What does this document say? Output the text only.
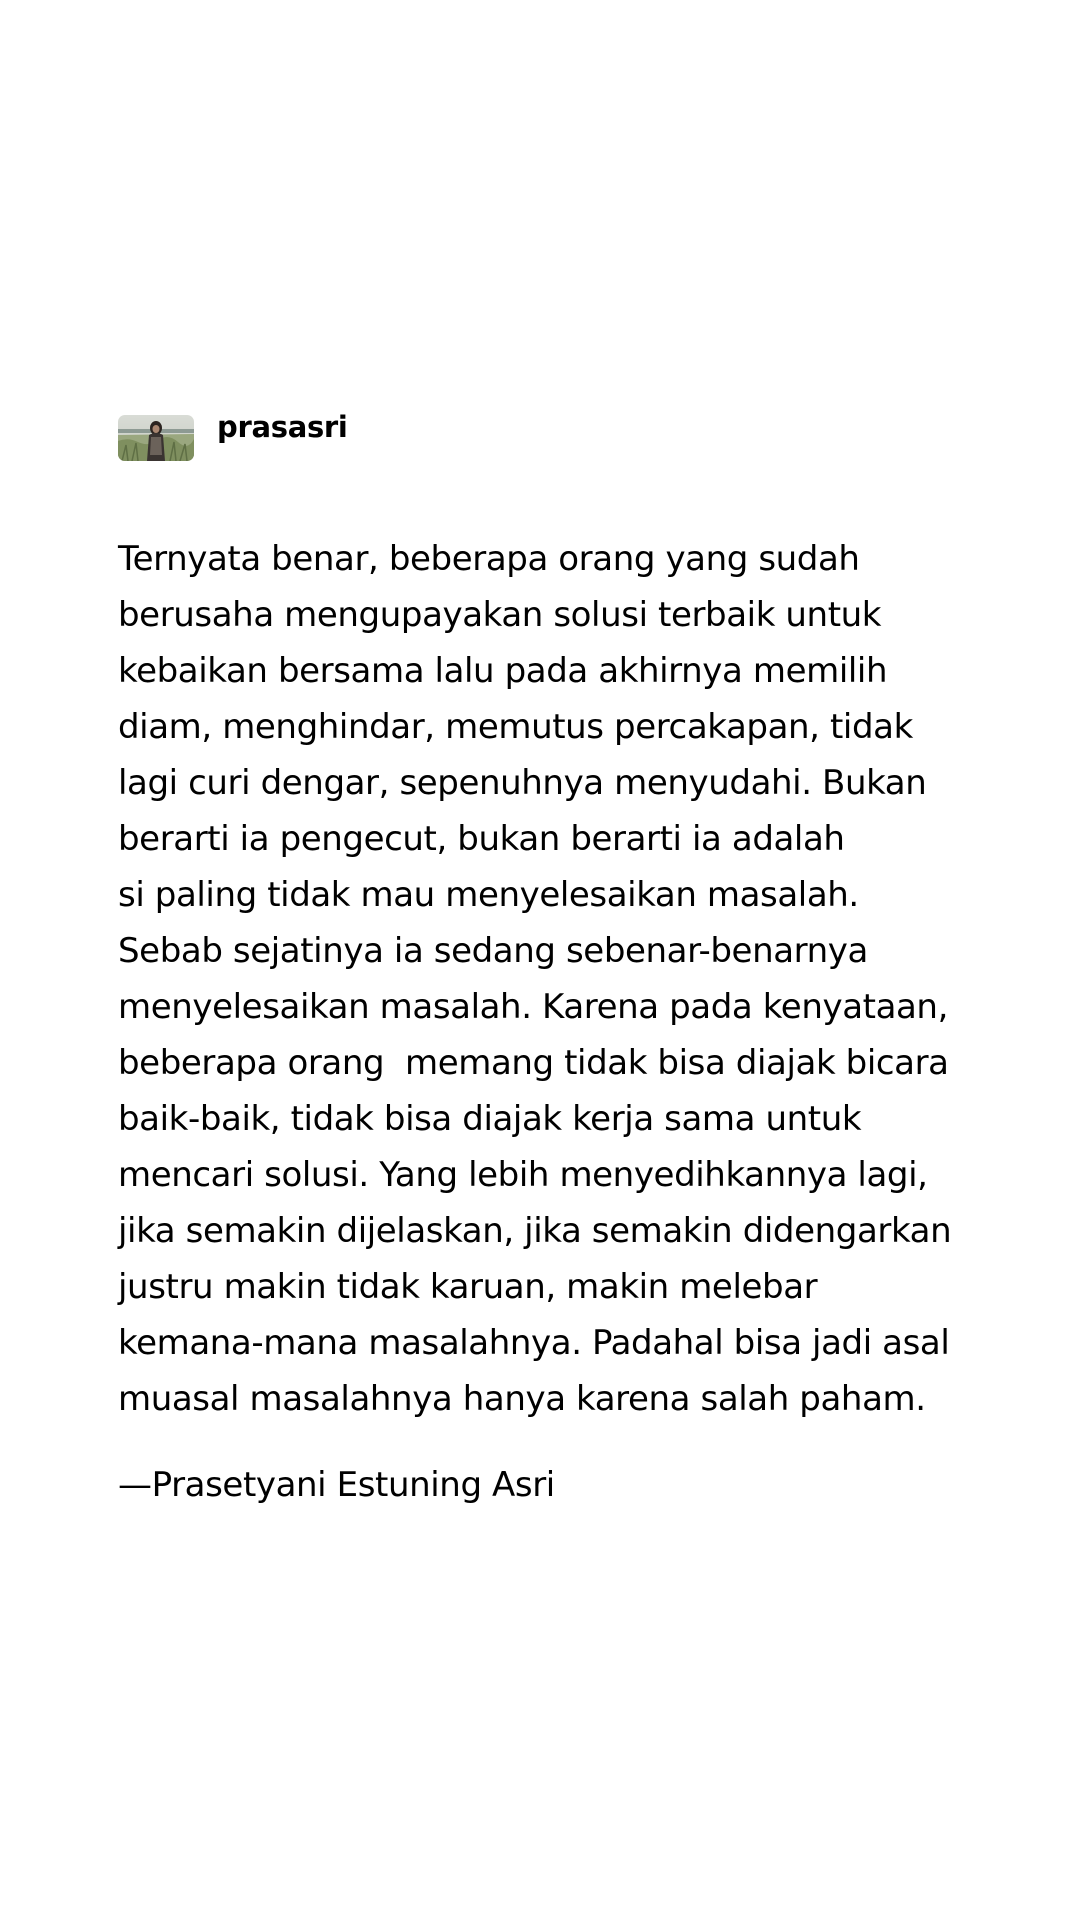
prasasri

Ternyata benar, beberapa orang yang sudah
berusaha mengupayakan solusi terbaik untuk
kebaikan bersama lalu pada akhirnya memilih
diam, menghindar, memutus percakapan, tidak
lagi curi dengar, sepenuhnya menyudahi. Bukan
berarti ia pengecut, bukan berarti ia adalah
si paling tidak mau menyelesaikan masalah.
Sebab sejatinya ia sedang sebenar-benarnya
menyelesaikan masalah. Karena pada kenyataan,
beberapa orang  memang tidak bisa diajak bicara
baik-baik, tidak bisa diajak kerja sama untuk
mencari solusi. Yang lebih menyedihkannya lagi,
jika semakin dijelaskan, jika semakin didengarkan
justru makin tidak karuan, makin melebar
kemana-mana masalahnya. Padahal bisa jadi asal
muasal masalahnya hanya karena salah paham.

—Prasetyani Estuning Asri
